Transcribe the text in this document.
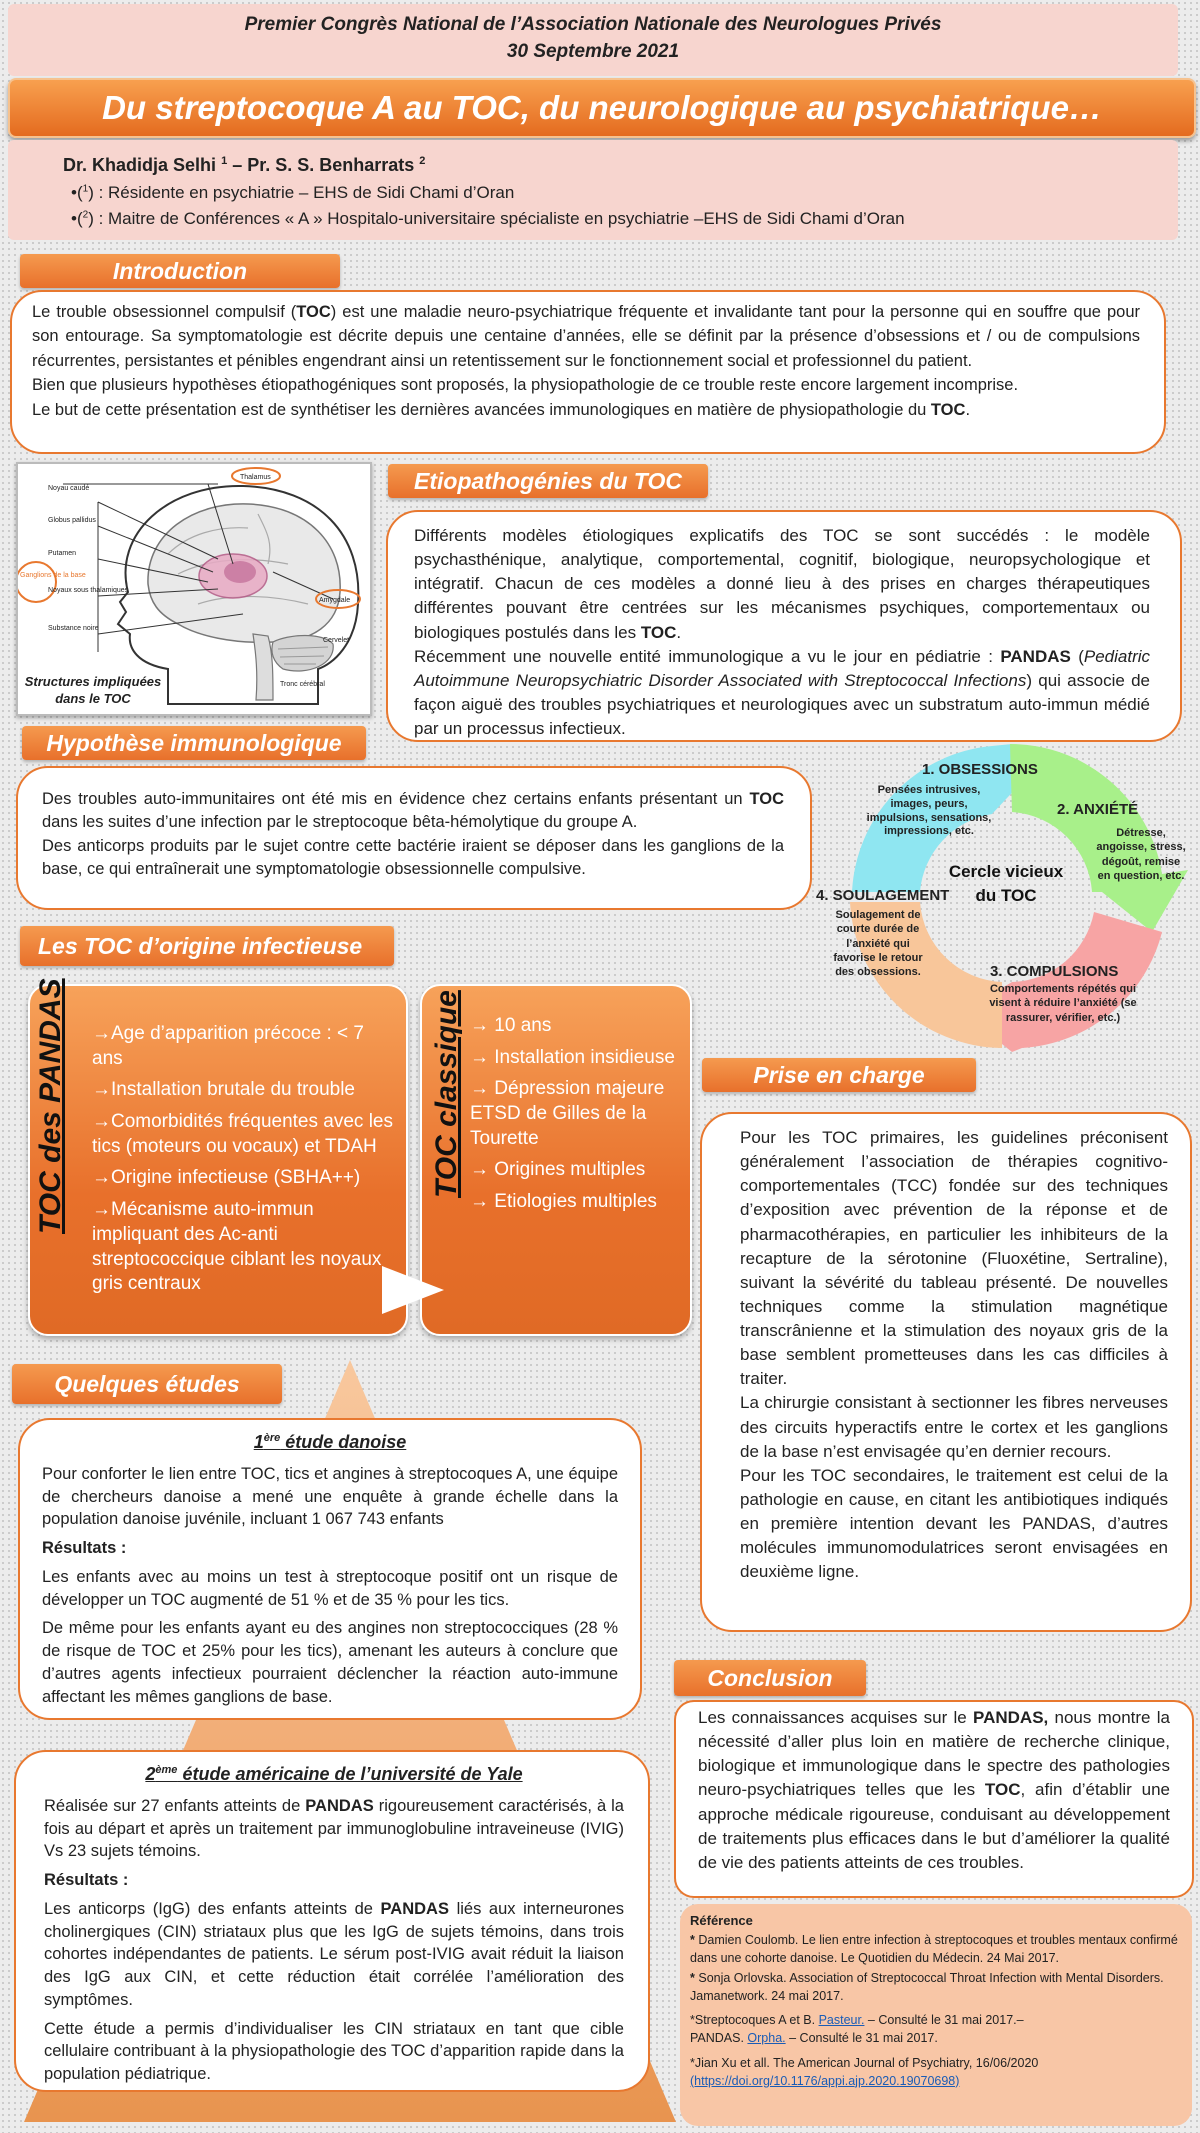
Premier Congrès National de l’Association Nationale des Neurologues Privés
30 Septembre 2021
Du streptocoque A au TOC, du neurologique au psychiatrique…
Dr. Khadidja Selhi $^1$ – Pr. S. S. Benharrats $^2$
•($^1$) : Résidente en psychiatrie – EHS de Sidi Chami d’Oran
•($^2$) : Maitre de Conférences « A » Hospitalo-universitaire spécialiste en psychiatrie –EHS de Sidi Chami d’Oran
Introduction

Le trouble obsessionnel compulsif (TOC) est une maladie neuro-psychiatrique fréquente et invalidante tant pour la personne qui en souffre que pour son entourage. Sa symptomatologie est décrite depuis une centaine d’années, elle se définit par la présence d’obsessions et / ou de compulsions récurrentes, persistantes et pénibles engendrant ainsi un retentissement sur le fonctionnement social et professionnel du patient.

Bien que plusieurs hypothèses étiopathogéniques sont proposés, la physiopathologie de ce trouble reste encore largement incomprise.

Le but de cette présentation est de synthétiser les dernières avancées immunologiques en matière de physiopathologie du TOC.

Thalamus
Noyau caudé
Globus pallidus
Putamen
Ganglions de la base
Noyaux sous thalamiques
Substance noire
Amygdale
Cervelet
Tronc cérébral
Structures impliquées dans le TOC
Etiopathogénies du TOC

Différents modèles étiologiques explicatifs des TOC se sont succédés : le modèle psychasthénique, analytique, comportemental, cognitif, biologique, neuropsychologique et intégratif. Chacun de ces modèles a donné lieu à des prises en charges thérapeutiques différentes pouvant être centrées sur les mécanismes psychiques, comportementaux ou biologiques postulés dans les TOC.

Récemment une nouvelle entité immunologique a vu le jour en pédiatrie : PANDAS (Pediatric Autoimmune Neuropsychiatric Disorder Associated with Streptococcal Infections) qui associe de façon aiguë des troubles psychiatriques et neurologiques avec un substratum auto-immun médié par un processus infectieux.

Hypothèse immunologique

Des troubles auto-immunitaires ont été mis en évidence chez certains enfants présentant un TOC dans les suites d’une infection par le streptocoque bêta-hémolytique du groupe A.

Des anticorps produits par le sujet contre cette bactérie iraient se déposer dans les ganglions de la base, ce qui entraînerait une symptomatologie obsessionnelle compulsive.

1. OBSESSIONS
2. ANXIÉTÉ
3. COMPULSIONS
4. SOULAGEMENT
Pensées intrusives, images, peurs, impulsions, sensations, impressions, etc.	Détresse, angoisse, stress, dégoût, remise en question, etc.
Comportements répétés qui visent à réduire l’anxiété (se rassurer, vérifier, etc.)
Soulagement de courte durée de l’anxiété qui favorise le retour des obsessions.
Cercle vicieux du TOC
Les TOC d’origine infectieuse
→Age d’apparition précoce : < 7 ans
→Installation brutale du trouble
→Comorbidités fréquentes avec les tics (moteurs ou vocaux) et TDAH
→Origine infectieuse (SBHA++)
→Mécanisme auto-immun impliquant des Ac-anti streptococcique ciblant les noyaux gris centraux
TOC des PANDAS	→ 10 ans
→ Installation insidieuse
→ Dépression majeure ETSD de Gilles de la Tourette
→ Origines multiples
→ Etiologies multiples
TOC classique	Prise en charge

Pour les TOC primaires, les guidelines préconisent généralement l’association de thérapies cognitivo-comportementales (TCC) fondée sur des techniques d’exposition avec prévention de la réponse et de pharmacothérapies, en particulier les inhibiteurs de la recapture de la sérotonine (Fluoxétine, Sertraline), suivant la sévérité du tableau présenté. De nouvelles techniques comme la stimulation magnétique transcrânienne et la stimulation des noyaux gris de la base semblent prometteuses dans les cas difficiles à traiter.

La chirurgie consistant à sectionner les fibres nerveuses des circuits hyperactifs entre le cortex et les ganglions de la base n’est envisagée qu’en dernier recours.

Pour les TOC secondaires, le traitement est celui de la pathologie en cause, en citant les antibiotiques indiqués en première intention devant les PANDAS, d’autres molécules immunomodulatrices seront envisagées en deuxième ligne.

Quelques études
1ère étude danoise

Pour conforter le lien entre TOC, tics et angines à streptocoques A, une équipe de chercheurs danoise a mené une enquête à grande échelle dans la population danoise juvénile, incluant 1 067 743 enfants

Résultats :

Les enfants avec au moins un test à streptocoque positif ont un risque de développer un TOC augmenté de 51 % et de 35 % pour les tics.

De même pour les enfants ayant eu des angines non streptococciques (28 % de risque de TOC et 25% pour les tics), amenant les auteurs à conclure que d’autres agents infectieux pourraient déclencher la réaction auto-immune affectant les mêmes ganglions de base.

2ème étude américaine de l’université de Yale

Réalisée sur 27 enfants atteints de PANDAS rigoureusement caractérisés, à la fois au départ et après un traitement par immunoglobuline intraveineuse (IVIG) Vs 23 sujets témoins.

Résultats :

Les anticorps (IgG) des enfants atteints de PANDAS liés aux interneurones cholinergiques (CIN) striataux plus que les IgG de sujets témoins, dans trois cohortes indépendantes de patients. Le sérum post-IVIG avait réduit la liaison des IgG aux CIN, et cette réduction était corrélée l’amélioration des symptômes.

Cette étude a permis d’individualiser les CIN striataux en tant que cible cellulaire contribuant à la physiopathologie des TOC d’apparition rapide dans la population pédiatrique.

Conclusion

Les connaissances acquises sur le PANDAS, nous montre la nécessité d’aller plus loin en matière de recherche clinique, biologique et immunologique dans le spectre des pathologies neuro-psychiatriques telles que les TOC, afin d’établir une approche médicale rigoureuse, conduisant au développement de traitements plus efficaces dans le but d’améliorer la qualité de vie des patients atteints de ces troubles.

Référence

* Damien Coulomb. Le lien entre infection à streptocoques et troubles mentaux confirmé dans une cohorte danoise. Le Quotidien du Médecin. 24 Mai 2017.

* Sonja Orlovska. Association of Streptococcal Throat Infection with Mental Disorders. Jamanetwork. 24 mai 2017.

*Streptocoques A et B. Pasteur. – Consulté le 31 mai 2017.–
PANDAS. Orpha. – Consulté le 31 mai 2017.

*Jian Xu et all. The American Journal of Psychiatry, 16/06/2020
(https://doi.org/10.1176/appi.ajp.2020.19070698)
